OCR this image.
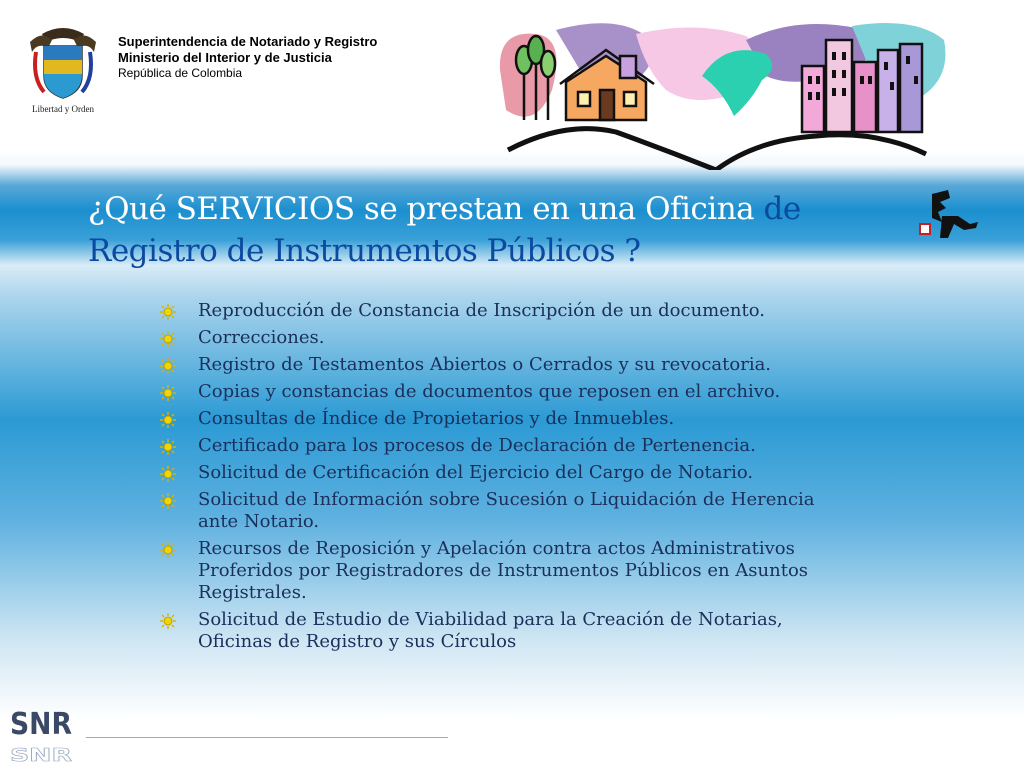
Libertad y Orden
Superintendencia de Notariado y Registro
Ministerio del Interior y de Justicia
República de Colombia
¿Qué SERVICIOS se prestan en una Oficina de
Registro de Instrumentos Públicos ?
Reproducción de Constancia de Inscripción de un documento.
Correcciones.
Registro de Testamentos Abiertos o Cerrados y su revocatoria.
Copias y constancias de documentos que reposen en el archivo.
Consultas de Índice de Propietarios y de Inmuebles.
Certificado para los procesos de Declaración de Pertenencia.
Solicitud de Certificación del Ejercicio del Cargo de Notario.
Solicitud de Información sobre Sucesión o Liquidación de Herencia ante Notario.
Recursos de Reposición y Apelación contra actos Administrativos Proferidos por Registradores de Instrumentos Públicos en Asuntos Registrales.
Solicitud de Estudio de Viabilidad para la Creación de Notarias, Oficinas de Registro y sus Círculos
SNR
SNR
